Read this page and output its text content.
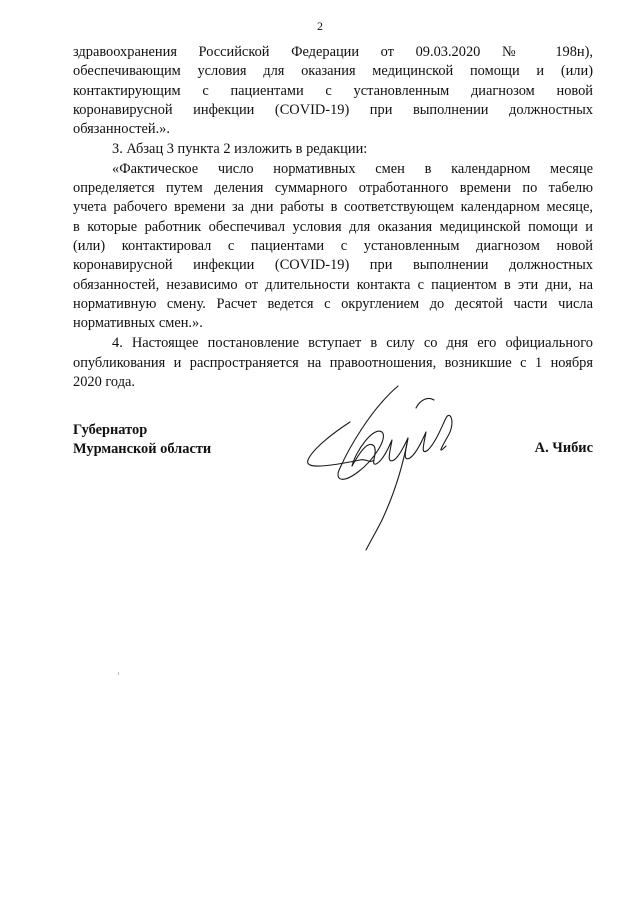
2

здравоохранения Российской Федерации от 09.03.2020 № 198н),

обеспечивающим условия для оказания медицинской помощи и (или)

контактирующим с пациентами с установленным диагнозом новой

коронавирусной инфекции (COVID-19) при выполнении должностных

обязанностей.».

3. Абзац 3 пункта 2 изложить в редакции:

«Фактическое число нормативных смен в календарном месяце

определяется путем деления суммарного отработанного времени по табелю

учета рабочего времени за дни работы в соответствующем календарном месяце,

в которые работник обеспечивал условия для оказания медицинской помощи и

(или) контактировал с пациентами с установленным диагнозом новой

коронавирусной инфекции (COVID-19) при выполнении должностных

обязанностей, независимо от длительности контакта с пациентом в эти дни, на

нормативную смену. Расчет ведется с округлением до десятой части числа

нормативных смен.».

4. Настоящее постановление вступает в силу со дня его официального

опубликования и распространяется на правоотношения, возникшие с 1 ноября

2020 года.

Губернатор
Мурманской области	А. Чибис
